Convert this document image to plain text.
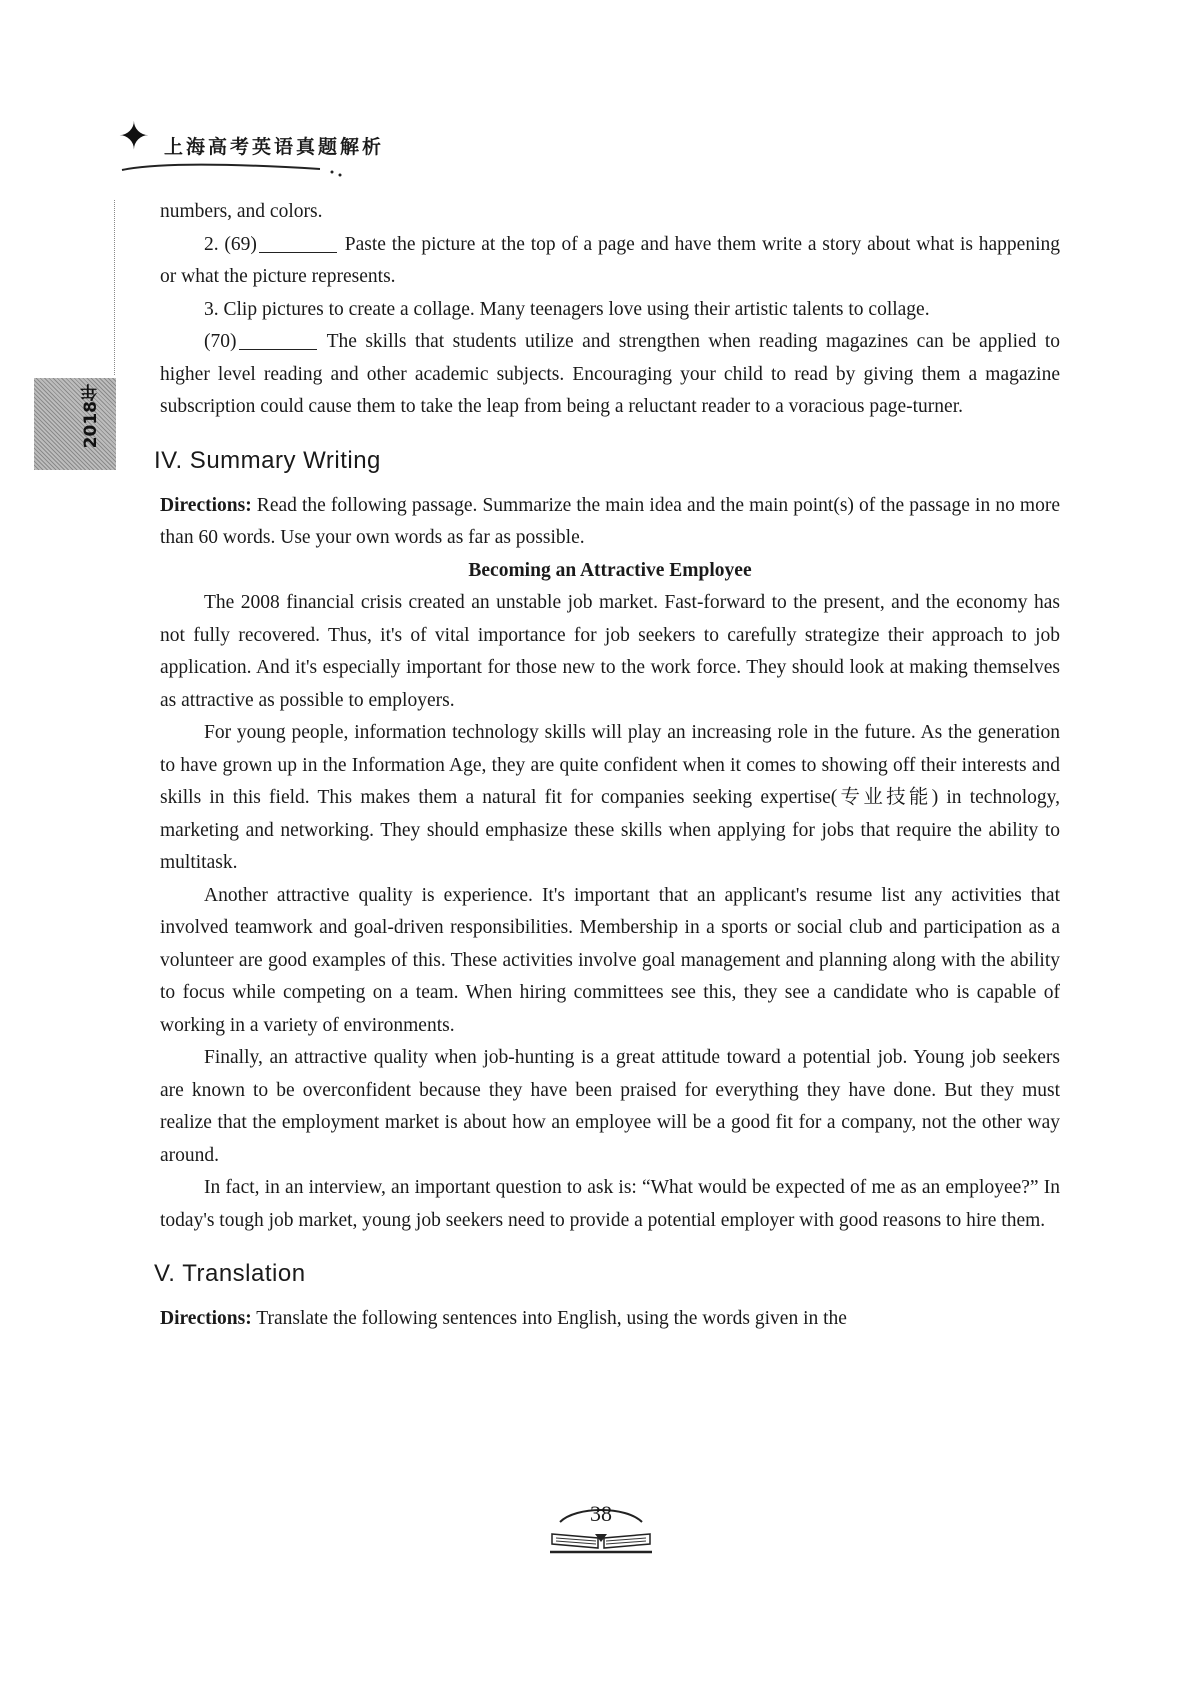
✦ 上海高考英语真题解析
2018年

numbers, and colors.

2. (69)	Paste the picture at the top of a page and have them write a story about what is happening or what the picture represents.

3. Clip pictures to create a collage. Many teenagers love using their artistic talents to collage.

(70)	The skills that students utilize and strengthen when reading magazines can be applied to higher level reading and other academic subjects. Encouraging your child to read by giving them a magazine subscription could cause them to take the leap from being a reluctant reader to a voracious page-turner.

IV. Summary Writing

Directions: Read the following passage. Summarize the main idea and the main point(s) of the passage in no more than 60 words. Use your own words as far as possible.

Becoming an Attractive Employee

The 2008 financial crisis created an unstable job market. Fast-forward to the present, and the economy has not fully recovered. Thus, it's of vital importance for job seekers to carefully strategize their approach to job application. And it's especially important for those new to the work force. They should look at making themselves as attractive as possible to employers.

For young people, information technology skills will play an increasing role in the future. As the generation to have grown up in the Information Age, they are quite confident when it comes to showing off their interests and skills in this field. This makes them a natural fit for companies seeking expertise(专业技能) in technology, marketing and networking. They should emphasize these skills when applying for jobs that require the ability to multitask.

Another attractive quality is experience. It's important that an applicant's resume list any activities that involved teamwork and goal-driven responsibilities. Membership in a sports or social club and participation as a volunteer are good examples of this. These activities involve goal management and planning along with the ability to focus while competing on a team. When hiring committees see this, they see a candidate who is capable of working in a variety of environments.

Finally, an attractive quality when job-hunting is a great attitude toward a potential job. Young job seekers are known to be overconfident because they have been praised for everything they have done. But they must realize that the employment market is about how an employee will be a good fit for a company, not the other way around.

In fact, in an interview, an important question to ask is: “What would be expected of me as an employee?” In today's tough job market, young job seekers need to provide a potential employer with good reasons to hire them.

V. Translation

Directions: Translate the following sentences into English, using the words given in the

38
